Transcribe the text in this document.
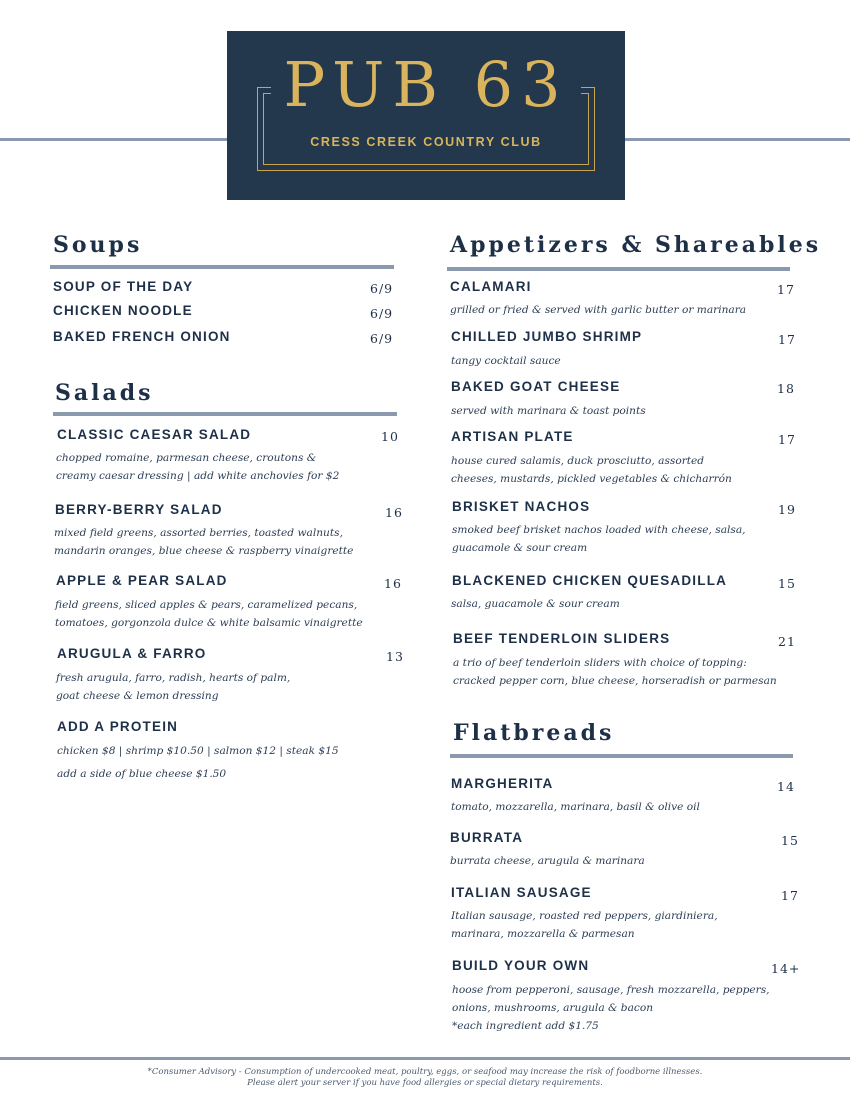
PUB 63
CRESS CREEK COUNTRY CLUB
Soups
SOUP OF THE DAY	6/9
CHICKEN NOODLE	6/9
BAKED FRENCH ONION	6/9
Salads
CLASSIC CAESAR SALAD	10
chopped romaine, parmesan cheese, croutons &
creamy caesar dressing | add white anchovies for $2
BERRY-BERRY SALAD	16
mixed field greens, assorted berries, toasted walnuts,
mandarin oranges, blue cheese & raspberry vinaigrette
APPLE & PEAR SALAD	16
field greens, sliced apples & pears, caramelized pecans,
tomatoes, gorgonzola dulce & white balsamic vinaigrette
ARUGULA & FARRO	13
fresh arugula, farro, radish, hearts of palm,
goat cheese & lemon dressing
ADD A PROTEIN
chicken $8 | shrimp $10.50 | salmon $12 | steak $15
add a side of blue cheese $1.50
Appetizers & Shareables
CALAMARI	17
grilled or fried & served with garlic butter or marinara
CHILLED JUMBO SHRIMP	17
tangy cocktail sauce
BAKED GOAT CHEESE	18
served with marinara & toast points
ARTISAN PLATE	17
house cured salamis, duck prosciutto, assorted
cheeses, mustards, pickled vegetables & chicharrón
BRISKET NACHOS	19
smoked beef brisket nachos loaded with cheese, salsa,
guacamole & sour cream
BLACKENED CHICKEN QUESADILLA	15
salsa, guacamole & sour cream
BEEF TENDERLOIN SLIDERS	21
a trio of beef tenderloin sliders with choice of topping:
cracked pepper corn, blue cheese, horseradish or parmesan
Flatbreads
MARGHERITA	14
tomato, mozzarella, marinara, basil & olive oil
BURRATA	15
burrata cheese, arugula & marinara
ITALIAN SAUSAGE	17
Italian sausage, roasted red peppers, giardiniera,
marinara, mozzarella & parmesan
BUILD YOUR OWN	14+
hoose from pepperoni, sausage, fresh mozzarella, peppers,
onions, mushrooms, arugula & bacon
*each ingredient add $1.75
*Consumer Advisory - Consumption of undercooked meat, poultry, eggs, or seafood may increase the risk of foodborne illnesses.
Please alert your server if you have food allergies or special dietary requirements.
